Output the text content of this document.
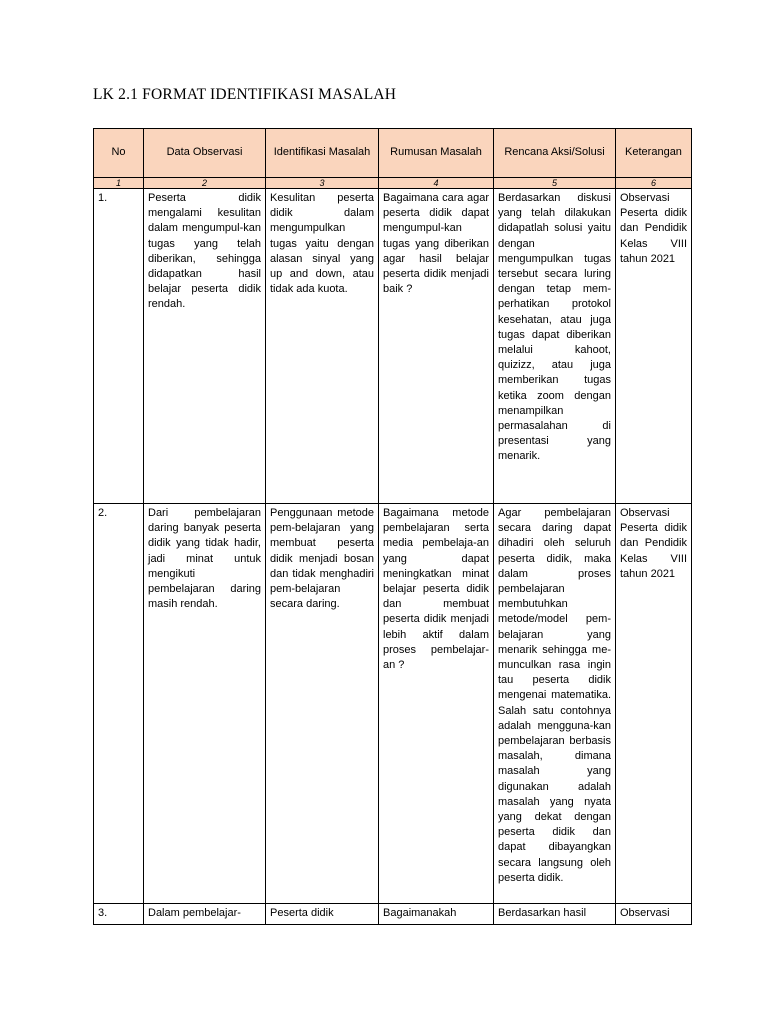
LK 2.1 FORMAT IDENTIFIKASI MASALAH
No	Data Observasi	Identifikasi Masalah	Rumusan Masalah	Rencana Aksi/Solusi	Keterangan
1	2	3	4	5	6
1.	Peserta didik mengalami kesulitan dalam mengumpul-kan tugas yang telah diberikan, sehingga didapatkan hasil belajar peserta didik rendah.	Kesulitan peserta didik dalam mengumpulkan tugas yaitu dengan alasan sinyal yang up and down, atau tidak ada kuota.	Bagaimana cara agar peserta didik dapat mengumpul-kan tugas yang diberikan agar hasil belajar peserta didik menjadi baik ?	Berdasarkan diskusi yang telah dilakukan didapatlah solusi yaitu dengan mengumpulkan tugas tersebut secara luring dengan tetap mem-perhatikan protokol kesehatan, atau juga tugas dapat diberikan melalui kahoot, quizizz, atau juga memberikan tugas ketika zoom dengan menampilkan permasalahan di presentasi yang menarik.	Observasi Peserta didik dan Pendidik Kelas VIII tahun 2021
2.	Dari pembelajaran daring banyak peserta didik yang tidak hadir, jadi minat untuk mengikuti pembelajaran daring masih rendah.	Penggunaan metode pem-belajaran yang membuat peserta didik menjadi bosan dan tidak menghadiri pem-belajaran secara daring.	Bagaimana metode pembelajaran serta media pembelaja-an yang dapat meningkatkan minat belajar peserta didik dan membuat peserta didik menjadi lebih aktif dalam proses pembelajar-an ?	Agar pembelajaran secara daring dapat dihadiri oleh seluruh peserta didik, maka dalam proses pembelajaran membutuhkan metode/model pem-belajaran yang menarik sehingga me-munculkan rasa ingin tau peserta didik mengenai matematika. Salah satu contohnya adalah mengguna-kan pembelajaran berbasis masalah, dimana masalah yang digunakan adalah masalah yang nyata yang dekat dengan peserta didik dan dapat dibayangkan secara langsung oleh peserta didik.	Observasi Peserta didik dan Pendidik Kelas VIII tahun 2021
3.	Dalam pembelajar-	Peserta didik	Bagaimanakah	Berdasarkan hasil	Observasi
